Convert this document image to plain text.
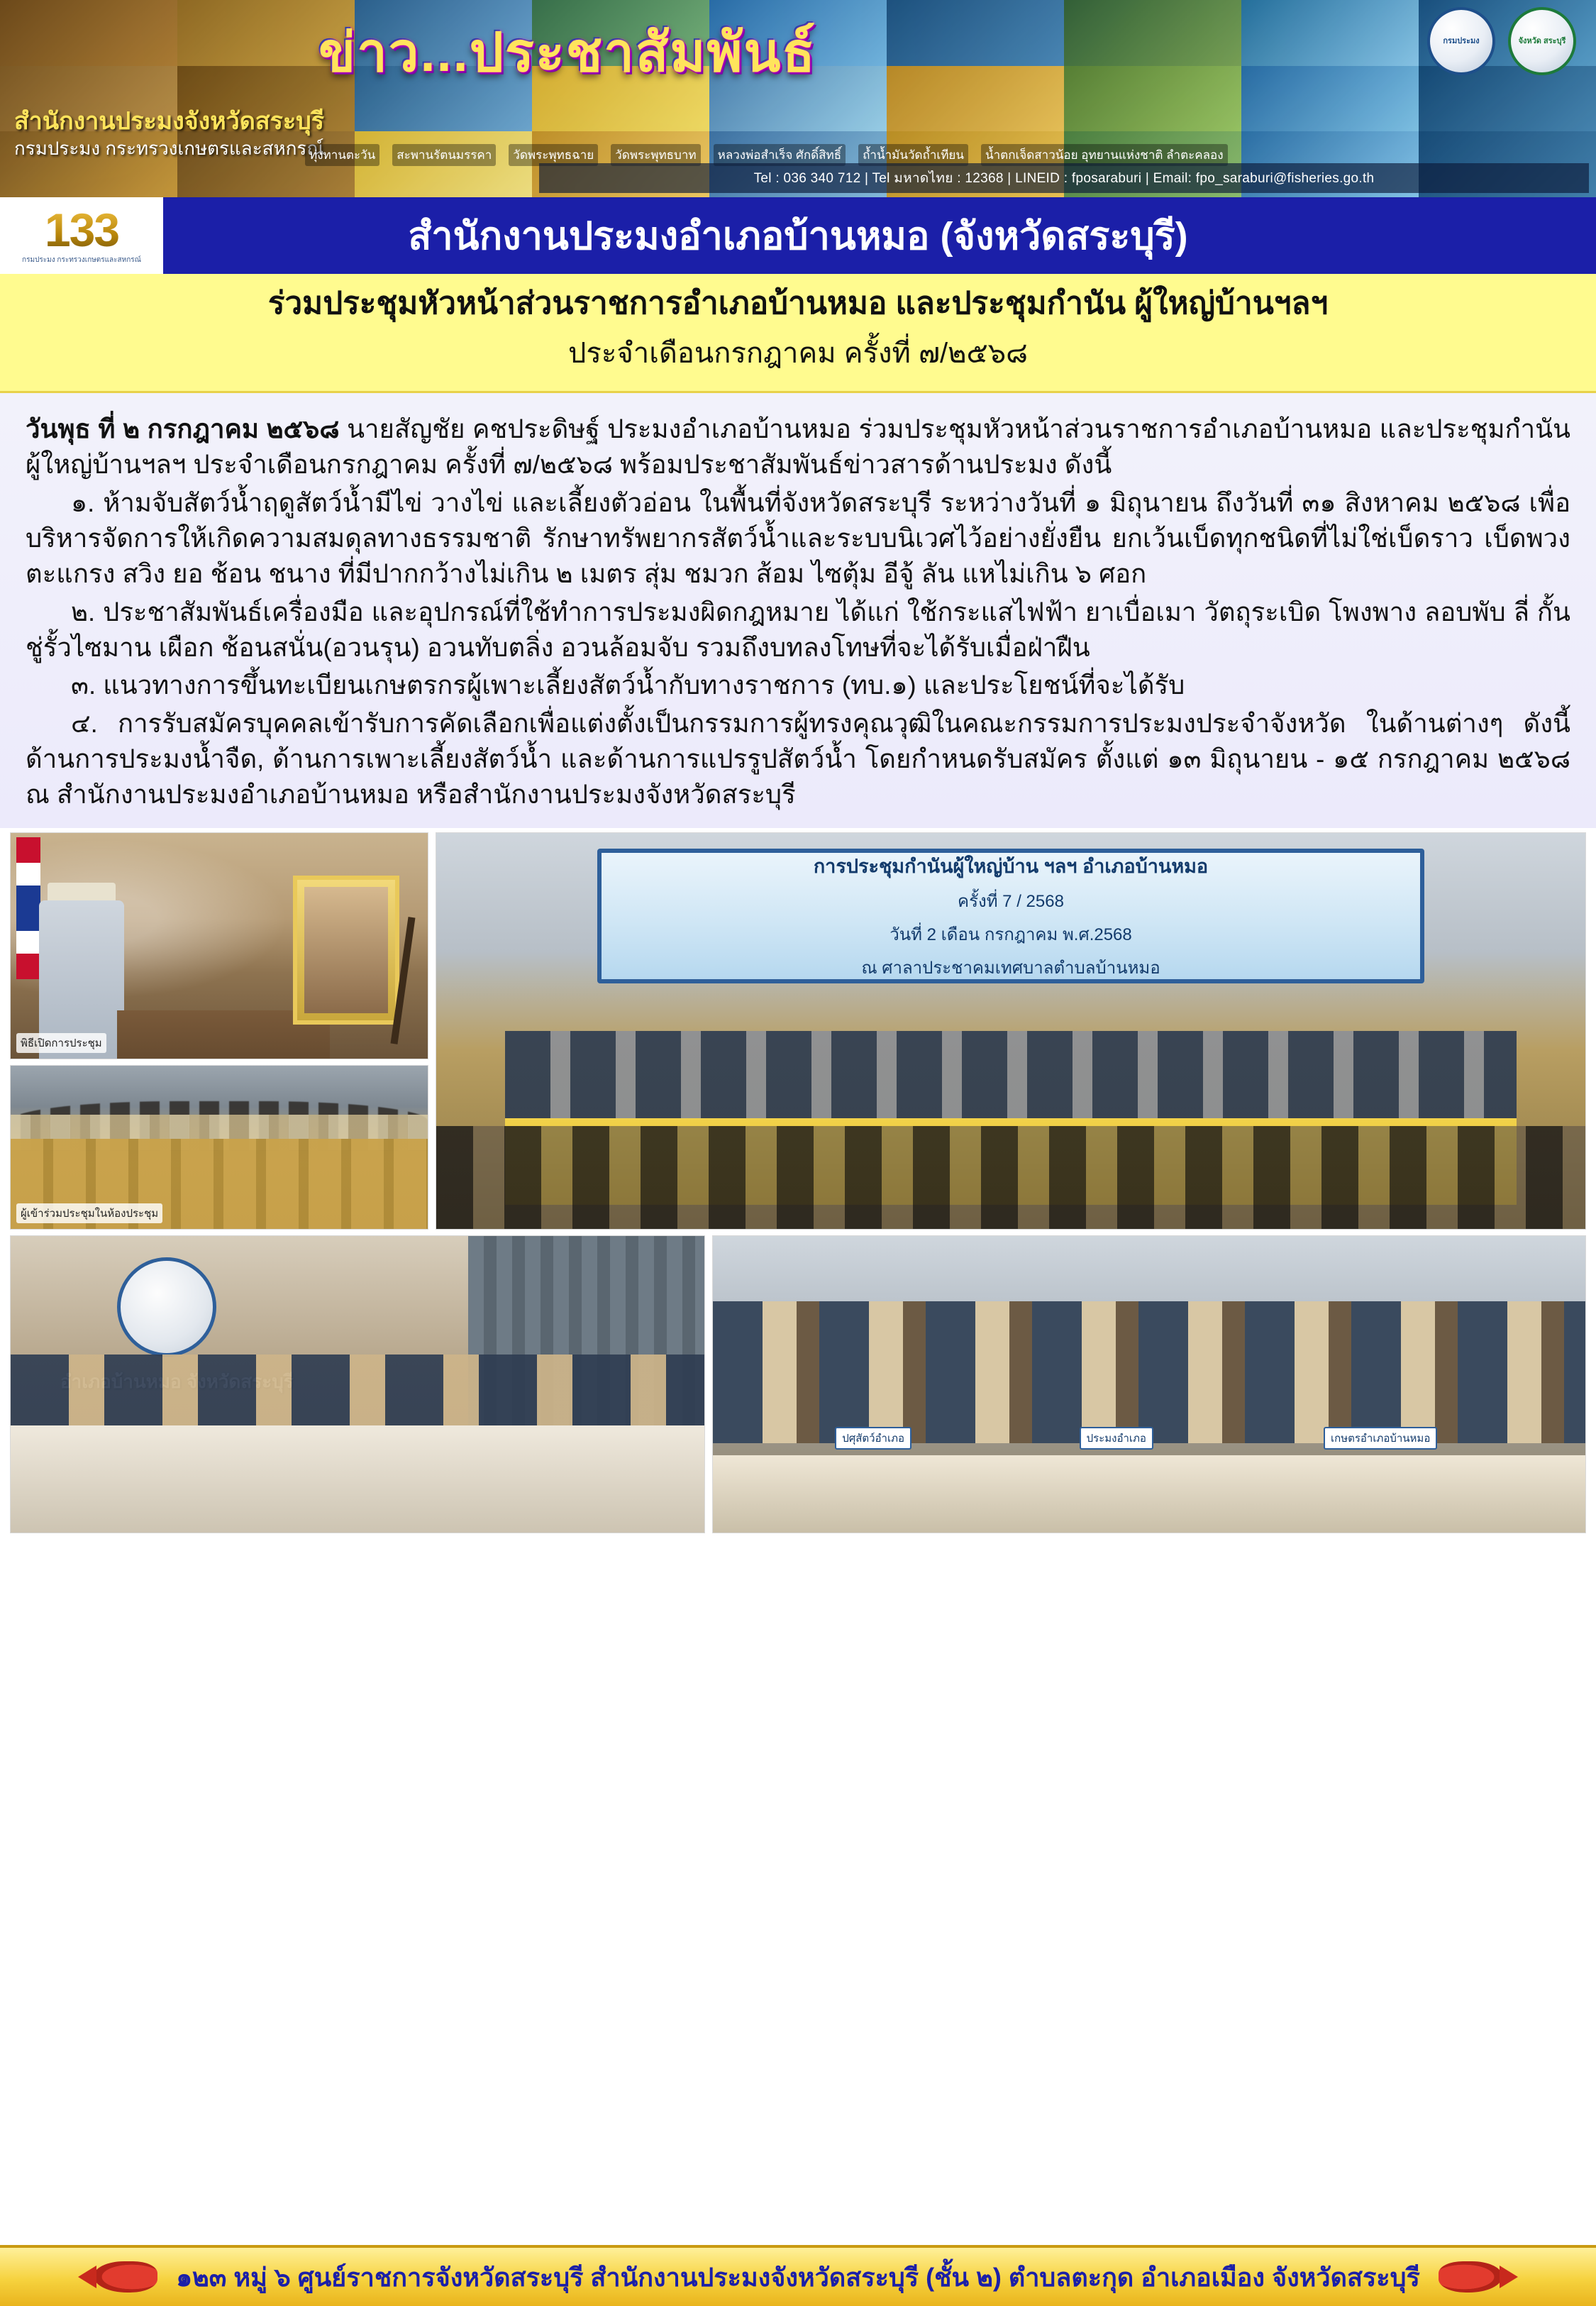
ข่าว...ประชาสัมพันธ์
สำนักงานประมงจังหวัดสระบุรี
กรมประมง กระทรวงเกษตรและสหกรณ์
กรมประมง	จังหวัด สระบุรี
ทุ่งทานตะวัน	สะพานรัตนมรรคา	วัดพระพุทธฉาย	วัดพระพุทธบาท	หลวงพ่อสำเร็จ ศักดิ์สิทธิ์	ถ้ำน้ำมันวัดถ้ำเทียน	น้ำตกเจ็ดสาวน้อย อุทยานแห่งชาติ ลำตะคลอง
Tel : 036 340 712 | Tel มหาดไทย : 12368 | LINEID : fposaraburi | Email: fpo_saraburi@fisheries.go.th
133
กรมประมง กระทรวงเกษตรและสหกรณ์
สำนักงานประมงอำเภอบ้านหมอ (จังหวัดสระบุรี)
ร่วมประชุมหัวหน้าส่วนราชการอำเภอบ้านหมอ และประชุมกำนัน ผู้ใหญ่บ้านฯลฯ
ประจำเดือนกรกฎาคม ครั้งที่ ๗/๒๕๖๘

วันพุธ ที่ ๒ กรกฎาคม ๒๕๖๘ นายสัญชัย คชประดิษฐ์ ประมงอำเภอบ้านหมอ ร่วมประชุมหัวหน้าส่วนราชการอำเภอบ้านหมอ และประชุมกำนัน ผู้ใหญ่บ้านฯลฯ ประจำเดือนกรกฎาคม ครั้งที่ ๗/๒๕๖๘ พร้อมประชาสัมพันธ์ข่าวสารด้านประมง ดังนี้

๑. ห้ามจับสัตว์น้ำฤดูสัตว์น้ำมีไข่ วางไข่ และเลี้ยงตัวอ่อน ในพื้นที่จังหวัดสระบุรี ระหว่างวันที่ ๑ มิถุนายน ถึงวันที่ ๓๑ สิงหาคม ๒๕๖๘ เพื่อบริหารจัดการให้เกิดความสมดุลทางธรรมชาติ รักษาทรัพยากรสัตว์น้ำและระบบนิเวศไว้อย่างยั่งยืน ยกเว้นเบ็ดทุกชนิดที่ไม่ใช่เบ็ดราว เบ็ดพวง ตะแกรง สวิง ยอ ช้อน ชนาง ที่มีปากกว้างไม่เกิน ๒ เมตร สุ่ม ชมวก ส้อม ไซตุ้ม อีจู้ ลัน แหไม่เกิน ๖ ศอก

๒. ประชาสัมพันธ์เครื่องมือ และอุปกรณ์ที่ใช้ทำการประมงผิดกฎหมาย ได้แก่ ใช้กระแสไฟฟ้า ยาเบื่อเมา วัตถุระเบิด โพงพาง ลอบพับ ลี่ กั้นชู่รั้วไซมาน เผือก ช้อนสนั่น(อวนรุน) อวนทับตลิ่ง อวนล้อมจับ รวมถึงบทลงโทษที่จะได้รับเมื่อฝ่าฝืน

๓. แนวทางการขึ้นทะเบียนเกษตรกรผู้เพาะเลี้ยงสัตว์น้ำกับทางราชการ (ทบ.๑) และประโยชน์ที่จะได้รับ

๔. การรับสมัครบุคคลเข้ารับการคัดเลือกเพื่อแต่งตั้งเป็นกรรมการผู้ทรงคุณวุฒิในคณะกรรมการประมงประจำจังหวัด ในด้านต่างๆ ดังนี้ ด้านการประมงน้ำจืด, ด้านการเพาะเลี้ยงสัตว์น้ำ และด้านการแปรรูปสัตว์น้ำ โดยกำหนดรับสมัคร ตั้งแต่ ๑๓ มิถุนายน - ๑๕ กรกฎาคม ๒๕๖๘ ณ สำนักงานประมงอำเภอบ้านหมอ หรือสำนักงานประมงจังหวัดสระบุรี

พิธีเปิดการประชุม
ผู้เข้าร่วมประชุมในห้องประชุม
การประชุมกำนันผู้ใหญ่บ้าน ฯลฯ อำเภอบ้านหมอ
ครั้งที่ 7 / 2568
วันที่ 2 เดือน กรกฎาคม พ.ศ.2568
ณ ศาลาประชาคมเทศบาลตำบลบ้านหมอ
ปศุสัตว์อำเภอ	ประมงอำเภอ	เกษตรอำเภอบ้านหมอ
๑๒๓ หมู่ ๖ ศูนย์ราชการจังหวัดสระบุรี สำนักงานประมงจังหวัดสระบุรี (ชั้น ๒) ตำบลตะกุด อำเภอเมือง จังหวัดสระบุรี
